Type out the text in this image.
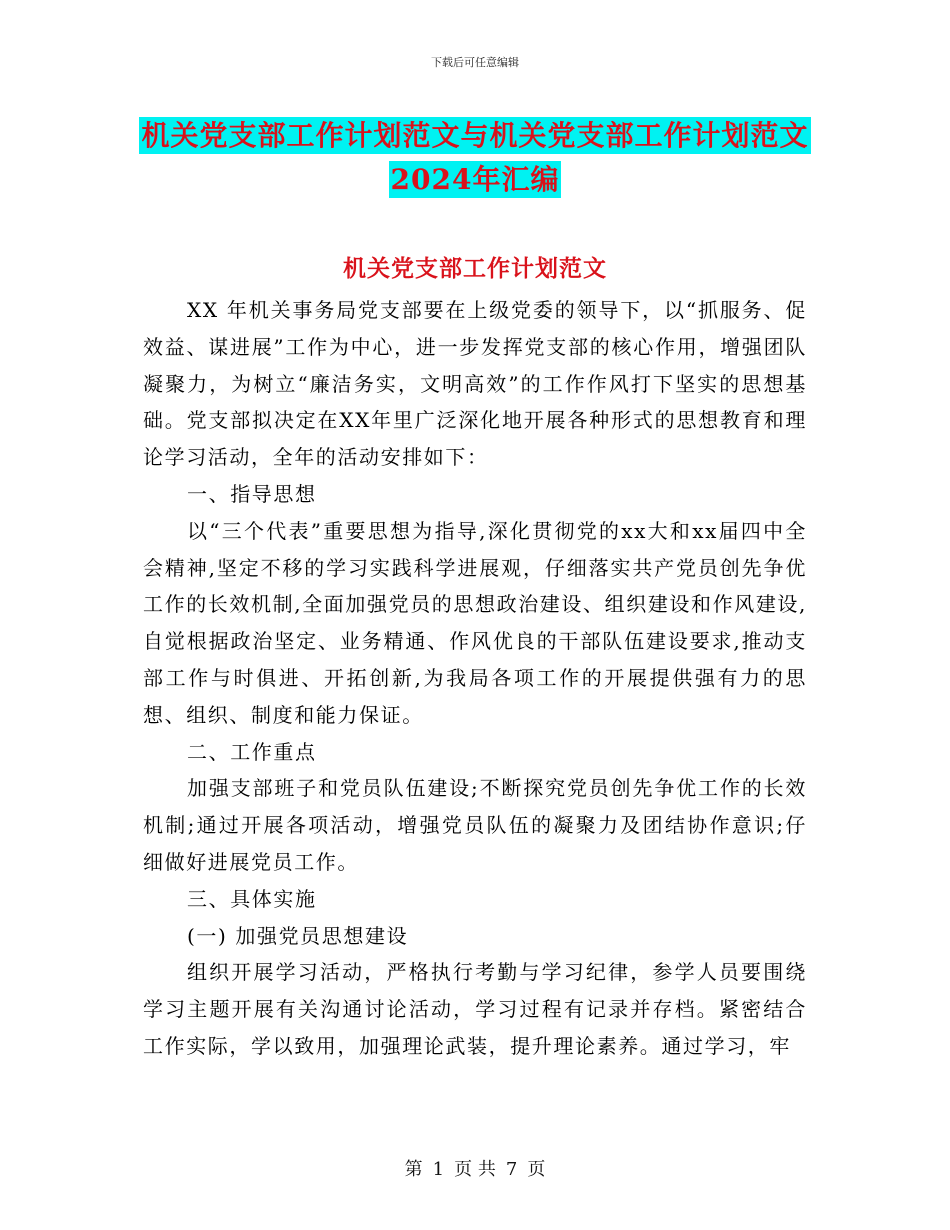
下载后可任意编辑
机关党支部工作计划范文与机关党支部工作计划范文
2024年汇编
机关党支部工作计划范文

XX 年机关事务局党支部要在上级党委的领导下，以“抓服务、促效益、谋进展”工作为中心，进一步发挥党支部的核心作用，增强团队凝聚力，为树立“廉洁务实，文明高效”的工作作风打下坚实的思想基础。党支部拟决定在XX年里广泛深化地开展各种形式的思想教育和理论学习活动，全年的活动安排如下：

一、指导思想

以“三个代表”重要思想为指导,深化贯彻党的xx大和xx届四中全会精神,坚定不移的学习实践科学进展观，仔细落实共产党员创先争优工作的长效机制,全面加强党员的思想政治建设、组织建设和作风建设,自觉根据政治坚定、业务精通、作风优良的干部队伍建设要求,推动支部工作与时俱进、开拓创新,为我局各项工作的开展提供强有力的思想、组织、制度和能力保证。

二、工作重点

加强支部班子和党员队伍建设;不断探究党员创先争优工作的长效机制;通过开展各项活动，增强党员队伍的凝聚力及团结协作意识;仔细做好进展党员工作。

三、具体实施

(一) 加强党员思想建设

组织开展学习活动，严格执行考勤与学习纪律，参学人员要围绕学习主题开展有关沟通讨论活动，学习过程有记录并存档。紧密结合工作实际，学以致用，加强理论武装，提升理论素养。通过学习，牢

第 1 页 共 7 页
